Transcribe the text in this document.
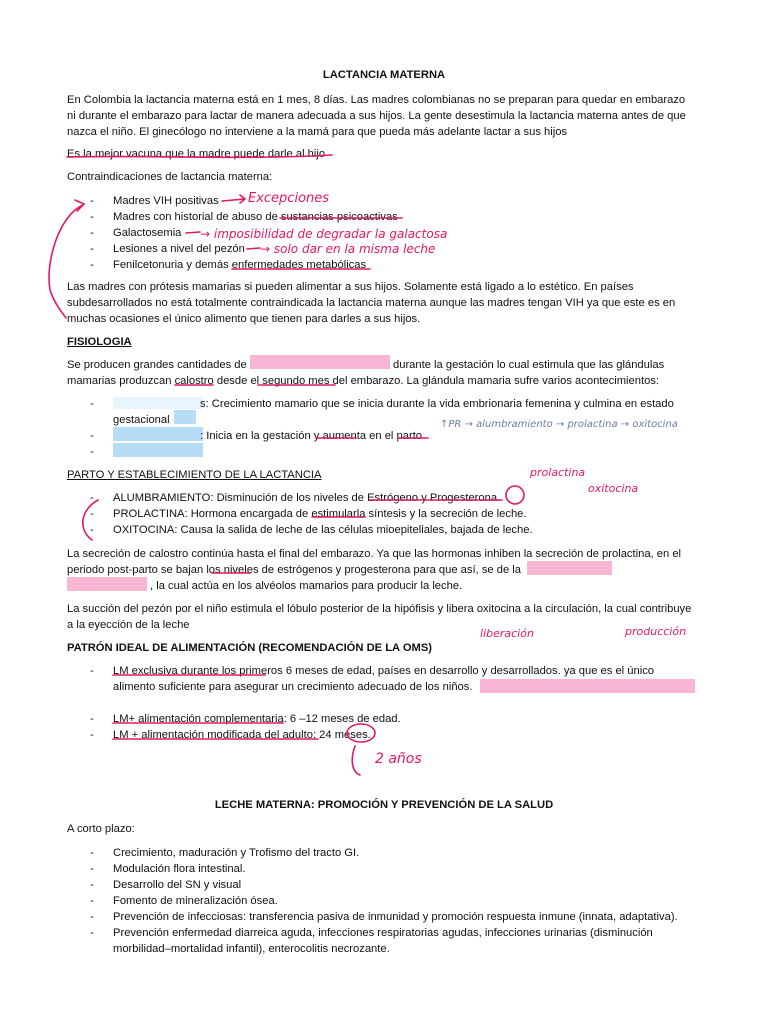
LACTANCIA MATERNA
En Colombia la lactancia materna está en 1 mes, 8 días. Las madres colombianas no se preparan para quedar en embarazo
ni durante el embarazo para lactar de manera adecuada a sus hijos. La gente desestimula la lactancia materna antes de que
nazca el niño. El ginecólogo no interviene a la mamá para que pueda más adelante lactar a sus hijos
Es la mejor vacuna que la madre puede darle al hijo
Contraindicaciones de lactancia materna:
- Madres VIH positivas
- Madres con historial de abuso de sustancias psicoactivas
- Galactosemia
- Lesiones a nivel del pezón
- Fenilcetonuria y demás enfermedades metabólicas
Las madres con prótesis mamarias si pueden alimentar a sus hijos. Solamente está ligado a lo estético. En países
subdesarrollados no está totalmente contraindicada la lactancia materna aunque las madres tengan VIH ya que este es en
muchas ocasiones el único alimento que tienen para darles a sus hijos.
FISIOLOGIA
Se producen grandes cantidades de	durante la gestación lo cual estimula que las glándulas
mamarias produzcan calostro desde el segundo mes del embarazo. La glándula mamaria sufre varios acontecimientos:
-	s: Crecimiento mamario que se inicia durante la vida embrionaria femenina y culmina en estado
gestacional
-	: Inicia en la gestación y aumenta en el parto
-
PARTO Y ESTABLECIMIENTO DE LA LACTANCIA
- ALUMBRAMIENTO: Disminución de los niveles de Estrógeno y Progesterona.
- PROLACTINA: Hormona encargada de estimularla síntesis y la secreción de leche.
- OXITOCINA: Causa la salida de leche de las células mioepiteliales, bajada de leche.
La secreción de calostro continúa hasta el final del embarazo. Ya que las hormonas inhiben la secreción de prolactina, en el
periodo post-parto se bajan los niveles de estrógenos y progesterona para que así, se de la
, la cual actúa en los alvéolos mamarios para producir la leche.
La succión del pezón por el niño estimula el lóbulo posterior de la hipófisis y libera oxitocina a la circulación, la cual contribuye
a la eyección de la leche
PATRÓN IDEAL DE ALIMENTACIÓN (RECOMENDACIÓN DE LA OMS)
- LM exclusiva durante los primeros 6 meses de edad, países en desarrollo y desarrollados. ya que es el único
alimento suficiente para asegurar un crecimiento adecuado de los niños.
- LM+ alimentación complementaria: 6 –12 meses de edad.
- LM + alimentación modificada del adulto: 24 meses.
LECHE MATERNA: PROMOCIÓN Y PREVENCIÓN DE LA SALUD
A corto plazo:
- Crecimiento, maduración y Trofismo del tracto GI.
- Modulación flora intestinal.
- Desarrollo del SN y visual
- Fomento de mineralización ósea.
- Prevención de infecciosas: transferencia pasiva de inmunidad y promoción respuesta inmune (innata, adaptativa).
- Prevención enfermedad diarreica aguda, infecciones respiratorias agudas, infecciones urinarias (disminución
morbilidad–mortalidad infantil), enterocolitis necrozante.
Excepciones
→ imposibilidad de degradar la galactosa
→ solo dar en la misma leche
prolactina
oxitocina
liberación	producción
2 años
↑PR → alumbramiento → prolactina → oxitocina
